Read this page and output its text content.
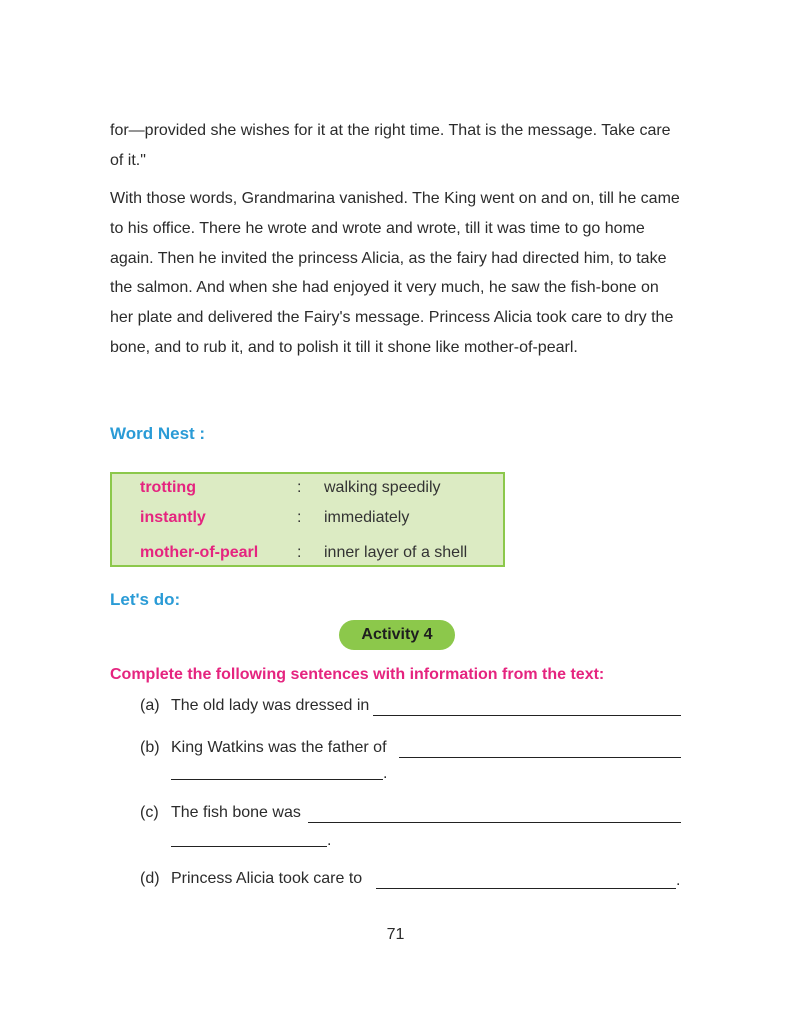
for—provided she wishes for it at the right time. That is the message. Take care of it."

With those words, Grandmarina vanished. The King went on and on, till he came to his office. There he wrote and wrote and wrote, till it was time to go home again. Then he invited the princess Alicia, as the fairy had directed him, to take the salmon. And when she had enjoyed it very much, he saw the fish-bone on her plate and delivered the Fairy's message. Princess Alicia took care to dry the bone, and to rub it, and to polish it till it shone like mother-of-pearl.

Word Nest :
trotting	: walking speedily
instantly	: immediately
mother-of-pearl : inner layer of a shell
Let's do:
Activity 4

Complete the following sentences with information from the text:

(a) The old lady was dressed in
(b) King Watkins was the father of
.
(c) The fish bone was
.
(d) Princess Alicia took care to	.
71
